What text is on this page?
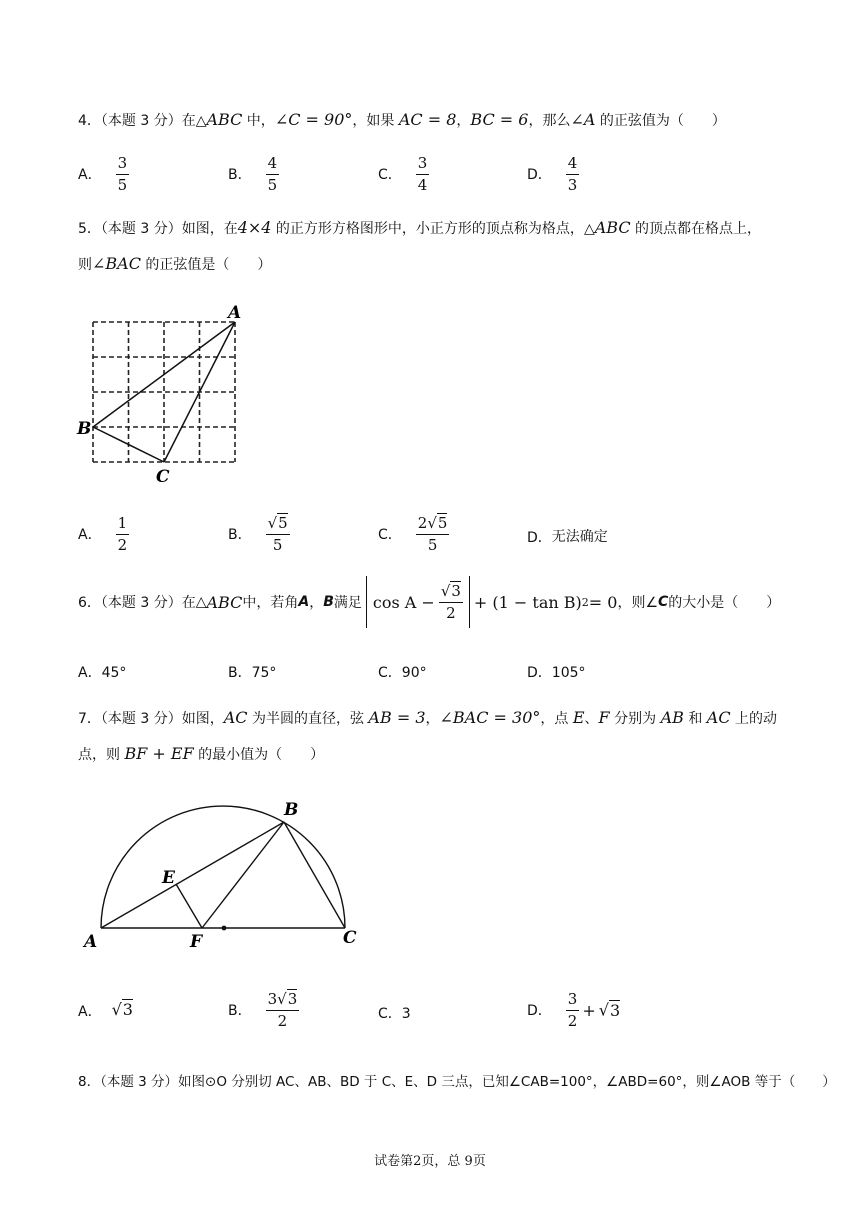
4．（本题 3 分）在△ABC 中，∠C = 90°，如果 AC = 8，BC = 6，那么∠A 的正弦值为（　　）
A． $\frac{3}{5}$	B． $\frac{4}{5}$	C． $\frac{3}{4}$	D． $\frac{4}{3}$
5．（本题 3 分）如图，在4×4 的正方形方格图形中，小正方形的顶点称为格点，△ABC 的顶点都在格点上，
则∠BAC 的正弦值是（　　）
A
B
C
A． $\frac{1}{2}$	B． $\frac{√5}{5}$	C． $\frac{2√5}{5}$	D．无法确定
6．（本题 3 分）在 △ ABC 中，若角 A ， B 满足 $\cos A - \frac{√3}{2} + (1 - \tan B) 2 = 0$ ，则∠ C 的大小是（　　）
A．45°	B．75°	C．90°	D．105°
7．（本题 3 分）如图，AC 为半圆的直径，弦 AB = 3，∠BAC = 30°，点 E、F 分别为 AB 和 AC 上的动
点，则 BF + EF 的最小值为（　　）
A
B
C
E
F
A． √3	B． $\frac{3√3}{2}$	C．3	D． $\frac{3}{2} + √3$
8．（本题 3 分）如图⊙O 分别切 AC、AB、BD 于 C、E、D 三点，已知∠CAB=100°，∠ABD=60°，则∠AOB 等于（　　）
试卷第2页，总 9页
